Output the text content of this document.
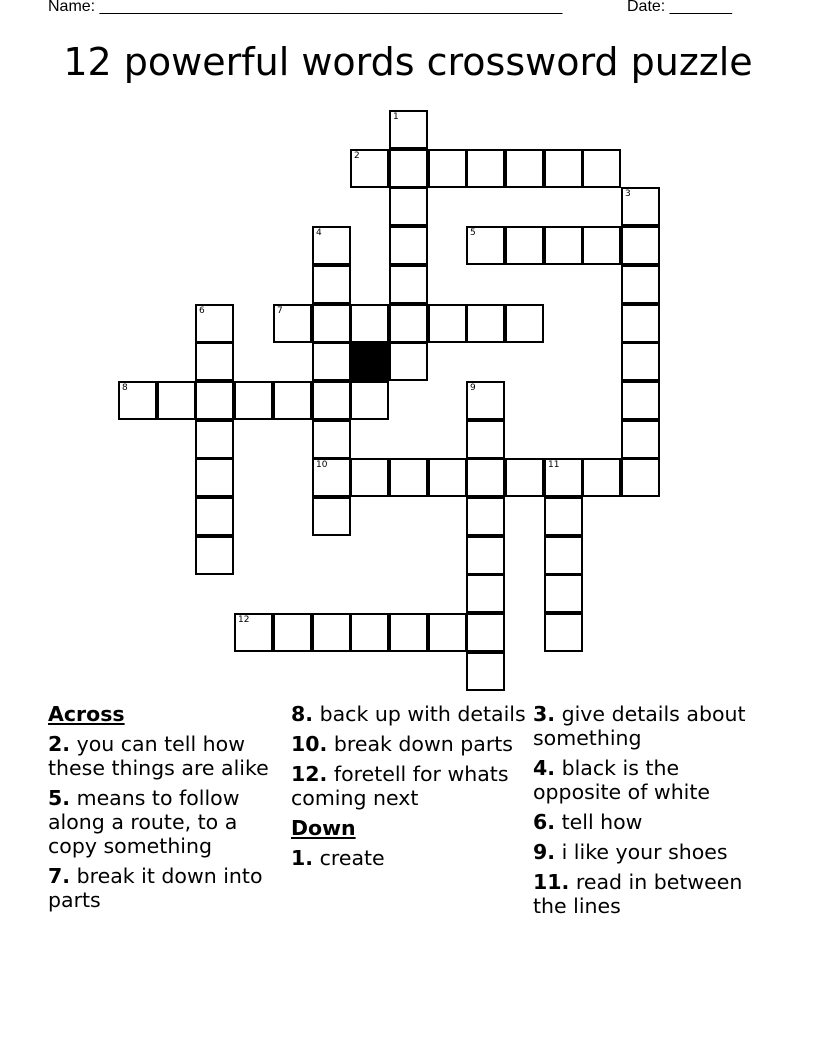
Name: ____________________________________________________	Date: _______
12 powerful words crossword puzzle
1
2
3
4
10
5
6	7
8	9
11
12
Across
2. you can tell how these things are alike
5. means to follow along a route, to a copy something
7. break it down into parts
8. back up with details
10. break down parts
12. foretell for whats coming next
Down
1. create
3. give details about something
4. black is the opposite of white
6. tell how
9. i like your shoes
11. read in between the lines
